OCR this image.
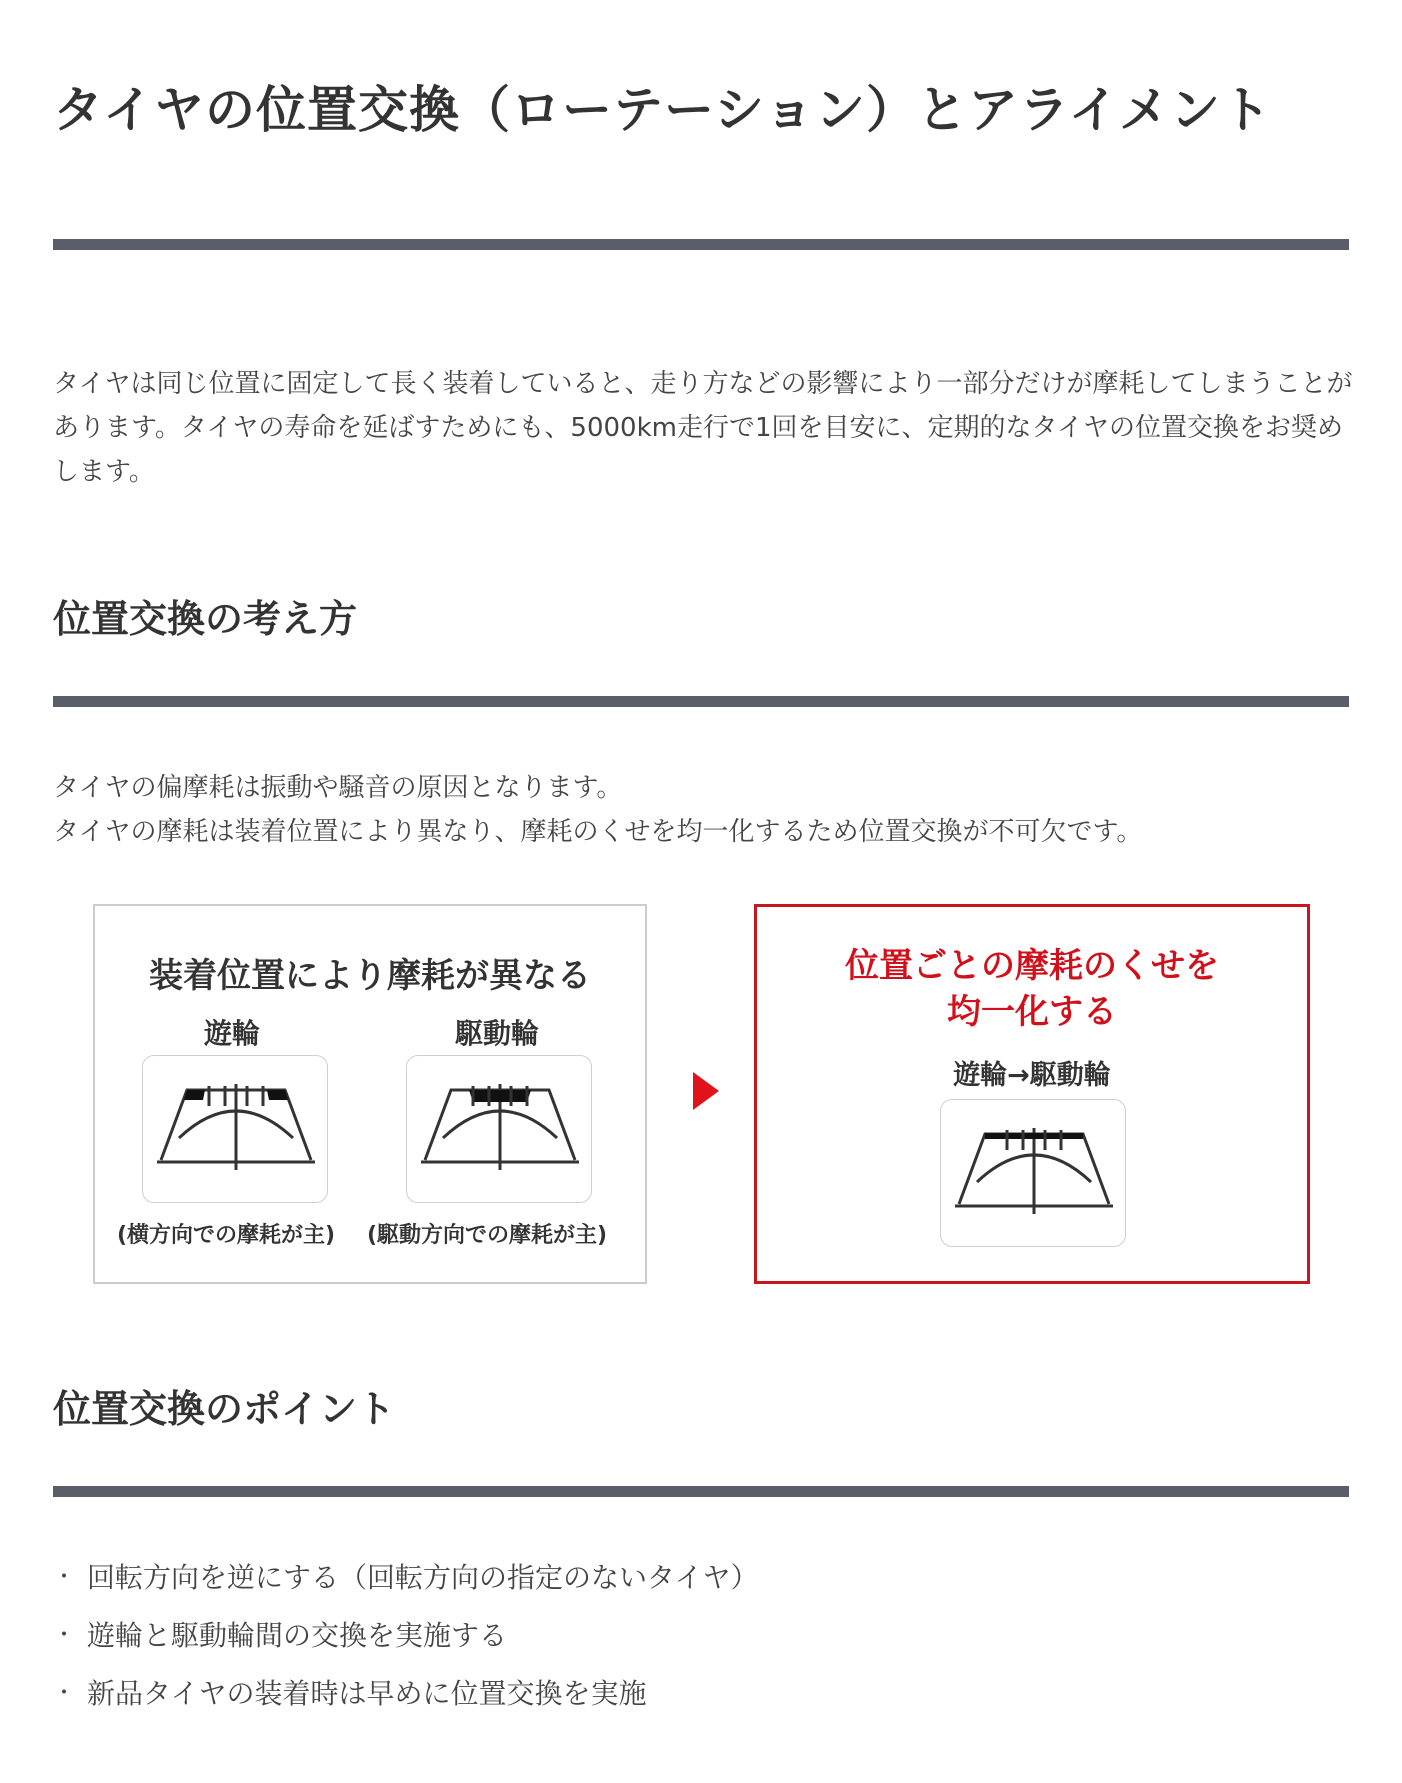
タイヤの位置交換（ローテーション）とアライメント

タイヤは同じ位置に固定して長く装着していると、走り方などの影響により一部分だけが摩耗してしまうことがあります。タイヤの寿命を延ばすためにも、5000km走行で1回を目安に、定期的なタイヤの位置交換をお奨めします。

位置交換の考え方

タイヤの偏摩耗は振動や騒音の原因となります。

タイヤの摩耗は装着位置により異なり、摩耗のくせを均一化するため位置交換が不可欠です。

装着位置により摩耗が異なる
遊輪	駆動輪
(横方向での摩耗が主) (駆動方向での摩耗が主)
位置ごとの摩耗のくせを
均一化する
遊輪→駆動輪
位置交換のポイント
・ 回転方向を逆にする（回転方向の指定のないタイヤ）
・ 遊輪と駆動輪間の交換を実施する
・ 新品タイヤの装着時は早めに位置交換を実施
